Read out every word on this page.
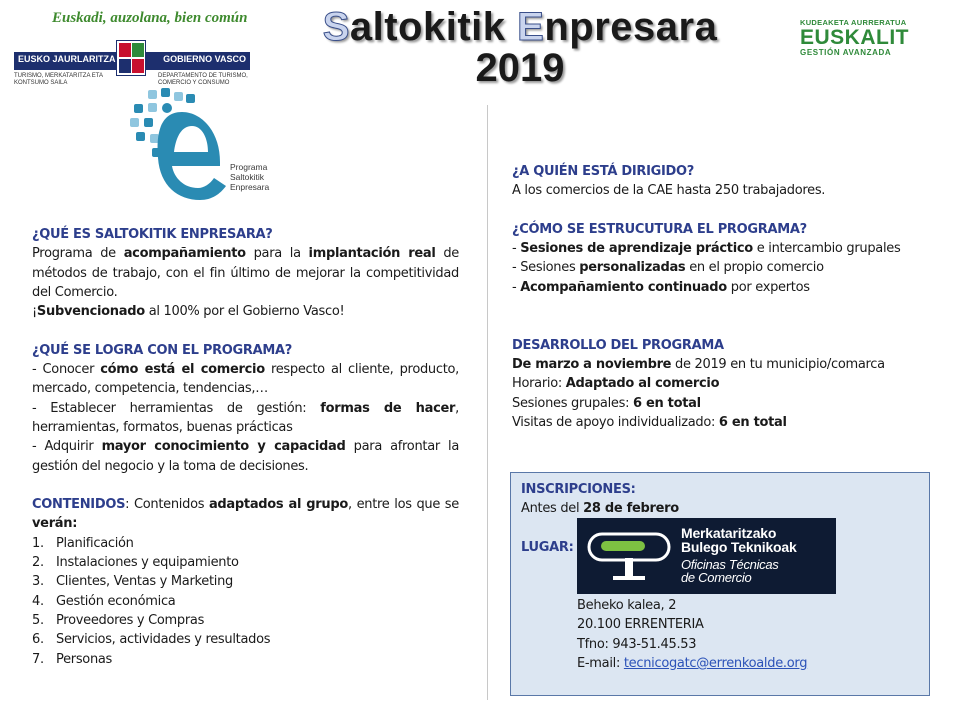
Euskadi, auzolana, bien común
EUSKO JAURLARITZA	GOBIERNO VASCO
TURISMO, MERKATARITZA ETA KONTSUMO SAILA
DEPARTAMENTO DE TURISMO, COMERCIO Y CONSUMO
Saltokitik Enpresara
2019
KUDEAKETA AURRERATUA
EUSKALIT
GESTIÓN AVANZADA
Programa
Saltokitik
Enpresara
¿QUÉ ES SALTOKITIK ENPRESARA?
Programa de acompañamiento para la implantación real de métodos de trabajo, con el fin último de mejorar la competitividad del Comercio.
¡Subvencionado al 100% por el Gobierno Vasco!
¿QUÉ SE LOGRA CON EL PROGRAMA?
- Conocer cómo está el comercio respecto al cliente, producto, mercado, competencia, tendencias,…
- Establecer herramientas de gestión: formas de hacer, herramientas, formatos, buenas prácticas
- Adquirir mayor conocimiento y capacidad para afrontar la gestión del negocio y la toma de decisiones.
CONTENIDOS: Contenidos adaptados al grupo, entre los que se verán:
1. Planificación
2. Instalaciones y equipamiento
3. Clientes, Ventas y Marketing
4. Gestión económica
5. Proveedores y Compras
6. Servicios, actividades y resultados
7. Personas
¿A QUIÉN ESTÁ DIRIGIDO?
A los comercios de la CAE hasta 250 trabajadores.
¿CÓMO SE ESTRUCUTURA EL PROGRAMA?
- Sesiones de aprendizaje práctico e intercambio grupales
- Sesiones personalizadas en el propio comercio
- Acompañamiento continuado por expertos
DESARROLLO DEL PROGRAMA
De marzo a noviembre de 2019 en tu municipio/comarca
Horario: Adaptado al comercio
Sesiones grupales: 6 en total
Visitas de apoyo individualizado: 6 en total
INSCRIPCIONES:
Antes del 28 de febrero
LUGAR:
Merkataritzako
Bulego Teknikoak
Oficinas Técnicas
de Comercio
Beheko kalea, 2
20.100 ERRENTERIA
Tfno: 943-51.45.53
E-mail: tecnicogatc@errenkoalde.org
